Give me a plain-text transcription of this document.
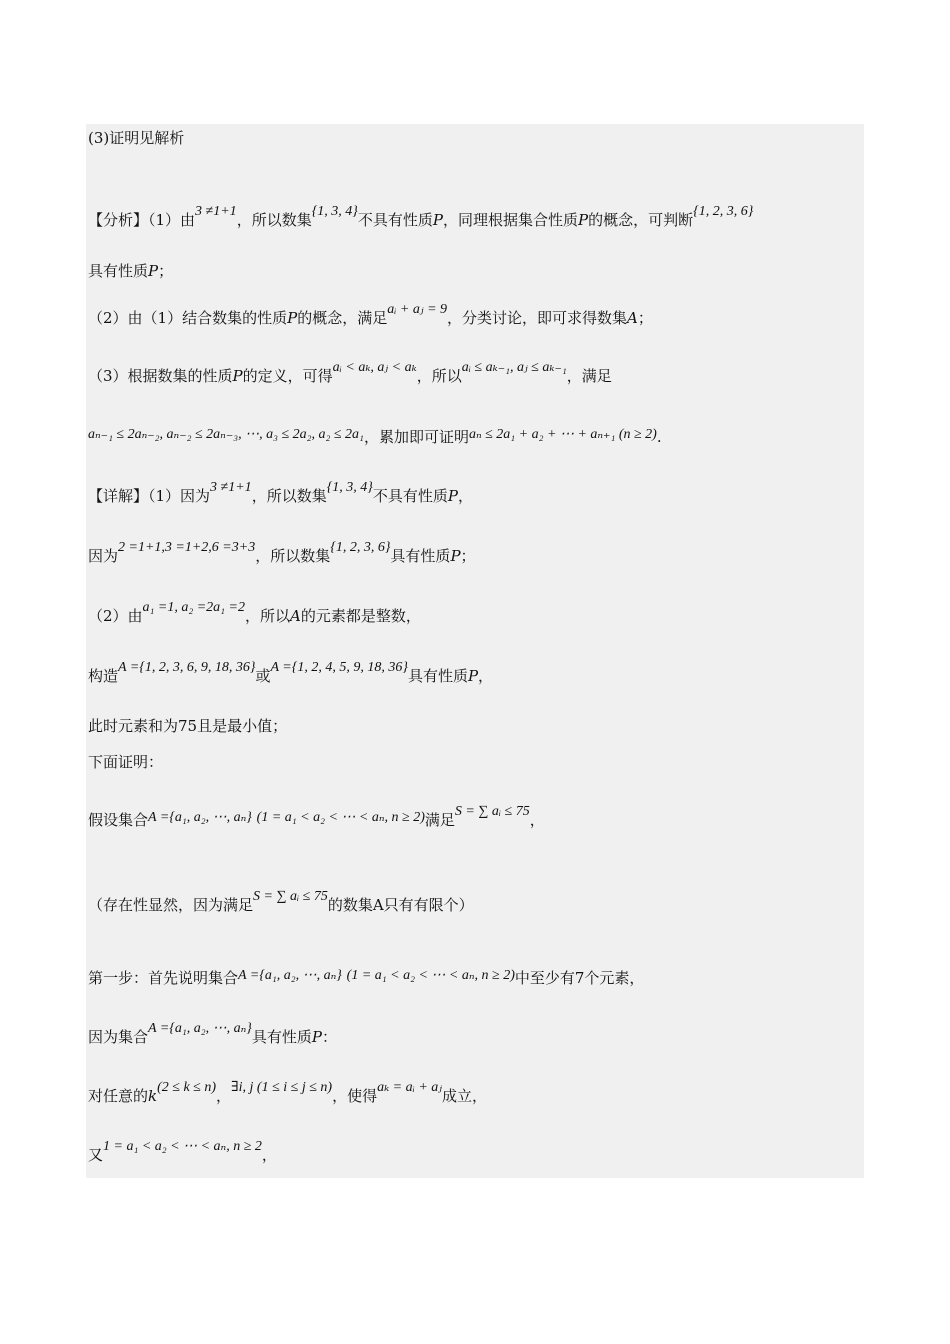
(3)证明见解析
【分析】（1）由3 ≠1+1，所以数集{1, 3, 4}不具有性质P，同理根据集合性质P的概念，可判断{1, 2, 3, 6}
具有性质P；
（2）由（1）结合数集的性质P的概念，满足aᵢ + aⱼ = 9，分类讨论，即可求得数集A；
（3）根据数集的性质P的定义，可得aᵢ < aₖ, aⱼ < aₖ，所以aᵢ ≤ aₖ₋₁, aⱼ ≤ aₖ₋₁，满足
aₙ₋₁ ≤ 2aₙ₋₂, aₙ₋₂ ≤ 2aₙ₋₃, ⋯, a₃ ≤ 2a₂, a₂ ≤ 2a₁，累加即可证明aₙ ≤ 2a₁ + a₂ + ⋯ + aₙ₊₁ (n ≥ 2).
【详解】（1）因为3 ≠1+1，所以数集{1, 3, 4}不具有性质P，
因为2 =1+1,3 =1+2,6 =3+3，所以数集{1, 2, 3, 6}具有性质P；
（2）由a₁ =1, a₂ =2a₁ =2，所以A的元素都是整数，
构造A ={1, 2, 3, 6, 9, 18, 36}或A ={1, 2, 4, 5, 9, 18, 36}具有性质P，
此时元素和为75且是最小值；
下面证明：
假设集合A ={a₁, a₂, ⋯, aₙ} (1 = a₁ < a₂ < ⋯ < aₙ, n ≥ 2)满足S = ∑ aᵢ ≤ 75，
（存在性显然，因为满足S = ∑ aᵢ ≤ 75的数集A只有有限个）
第一步：首先说明集合A ={a₁, a₂, ⋯, aₙ} (1 = a₁ < a₂ < ⋯ < aₙ, n ≥ 2)中至少有7个元素，
因为集合A ={a₁, a₂, ⋯, aₙ}具有性质P：
对任意的k(2 ≤ k ≤ n)，∃i, j (1 ≤ i ≤ j ≤ n)，使得aₖ = aᵢ + aⱼ成立，
又1 = a₁ < a₂ < ⋯ < aₙ, n ≥ 2，
